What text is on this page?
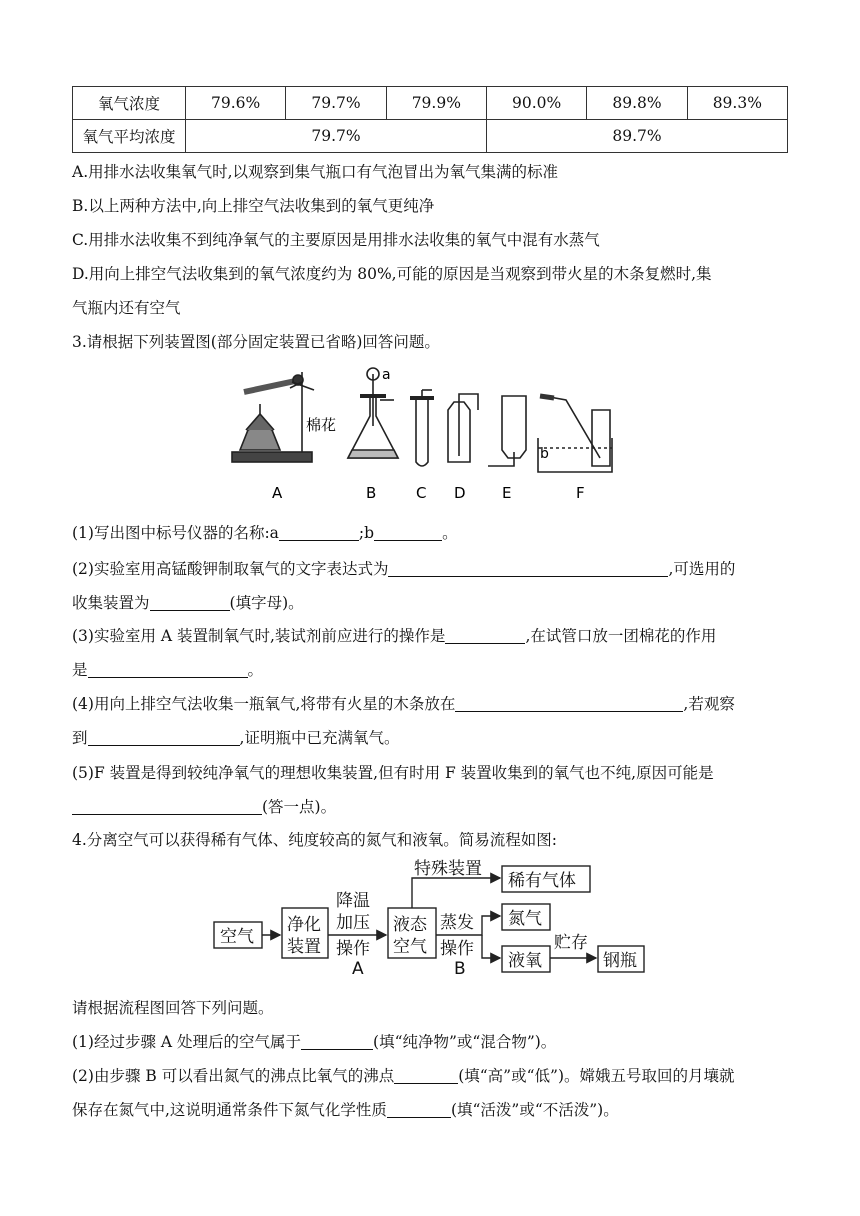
氧气浓度	79.6%	79.7%	79.9%	90.0%	89.8%	89.3%
氧气平均浓度	79.7%			89.7%		
A.用排水法收集氧气时,以观察到集气瓶口有气泡冒出为氧气集满的标准
B.以上两种方法中,向上排空气法收集到的氧气更纯净
C.用排水法收集不到纯净氧气的主要原因是用排水法收集的氧气中混有水蒸气
D.用向上排空气法收集到的氧气浓度约为 80%,可能的原因是当观察到带火星的木条复燃时,集
气瓶内还有空气
3.请根据下列装置图(部分固定装置已省略)回答问题。
棉花
a
b
A	B	C D E	F
(1)写出图中标号仪器的名称:a	;b	。
(2)实验室用高锰酸钾制取氧气的文字表达式为	,可选用的
收集装置为	(填字母)。
(3)实验室用 A 装置制氧气时,装试剂前应进行的操作是	,在试管口放一团棉花的作用
是	。
(4)用向上排空气法收集一瓶氧气,将带有火星的木条放在	,若观察
到	,证明瓶中已充满氧气。
(5)F 装置是得到较纯净氧气的理想收集装置,但有时用 F 装置收集到的氧气也不纯,原因可能是
(答一点)。
4.分离空气可以获得稀有气体、纯度较高的氮气和液氧。简易流程如图:
空气
净化
装置
降温
加压
操作
A
液态
空气
蒸发
操作
B
特殊装置
稀有气体
氮气
液氧
贮存
钢瓶
请根据流程图回答下列问题。
(1)经过步骤 A 处理后的空气属于	(填“纯净物”或“混合物”)。
(2)由步骤 B 可以看出氮气的沸点比氧气的沸点	(填“高”或“低”)。嫦娥五号取回的月壤就
保存在氮气中,这说明通常条件下氮气化学性质	(填“活泼”或“不活泼”)。
